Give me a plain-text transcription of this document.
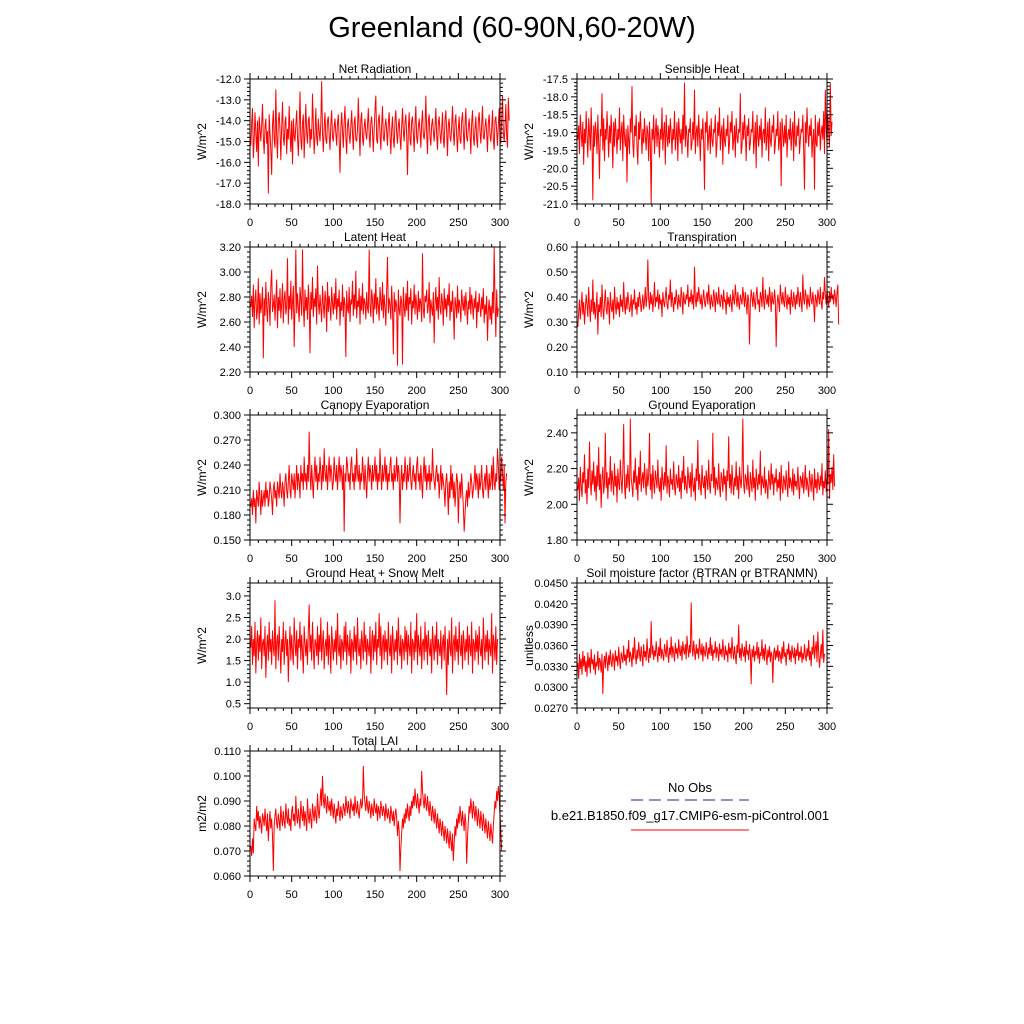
Greenland (60-90N,60-20W)
Net Radiation
W/m^2
0	50 100 150 200 250 300
-18.0
-17.0
-16.0
-15.0
-14.0
-13.0
-12.0
Sensible Heat
W/m^2
0	50 100 150 200 250 300
-21.0
-20.5
-20.0
-19.5
-19.0
-18.5
-18.0
-17.5
Latent Heat
W/m^2
0	50 100 150 200 250 300
2.20
2.40
2.60
2.80
3.00
3.20
Transpiration
W/m^2
0	50 100 150 200 250 300
0.10
0.20
0.30
0.40
0.50
0.60
Canopy Evaporation
W/m^2
0	50 100 150 200 250 300
0.150
0.180
0.210
0.240
0.270
0.300
Ground Evaporation
W/m^2
0	50 100 150 200 250 300
1.80
2.00
2.20
2.40
Ground Heat + Snow Melt
W/m^2
0	50 100 150 200 250 300
0.5
1.0
1.5
2.0
2.5
3.0
Soil moisture factor (BTRAN or BTRANMN)
unitless
0	50 100 150 200 250 300
0.0270
0.0300
0.0330
0.0360
0.0390
0.0420
0.0450
Total LAI
m2/m2
0	50 100 150 200 250 300
0.060
0.070
0.080
0.090
0.100
0.110
No Obs
b.e21.B1850.f09_g17.CMIP6-esm-piControl.001
